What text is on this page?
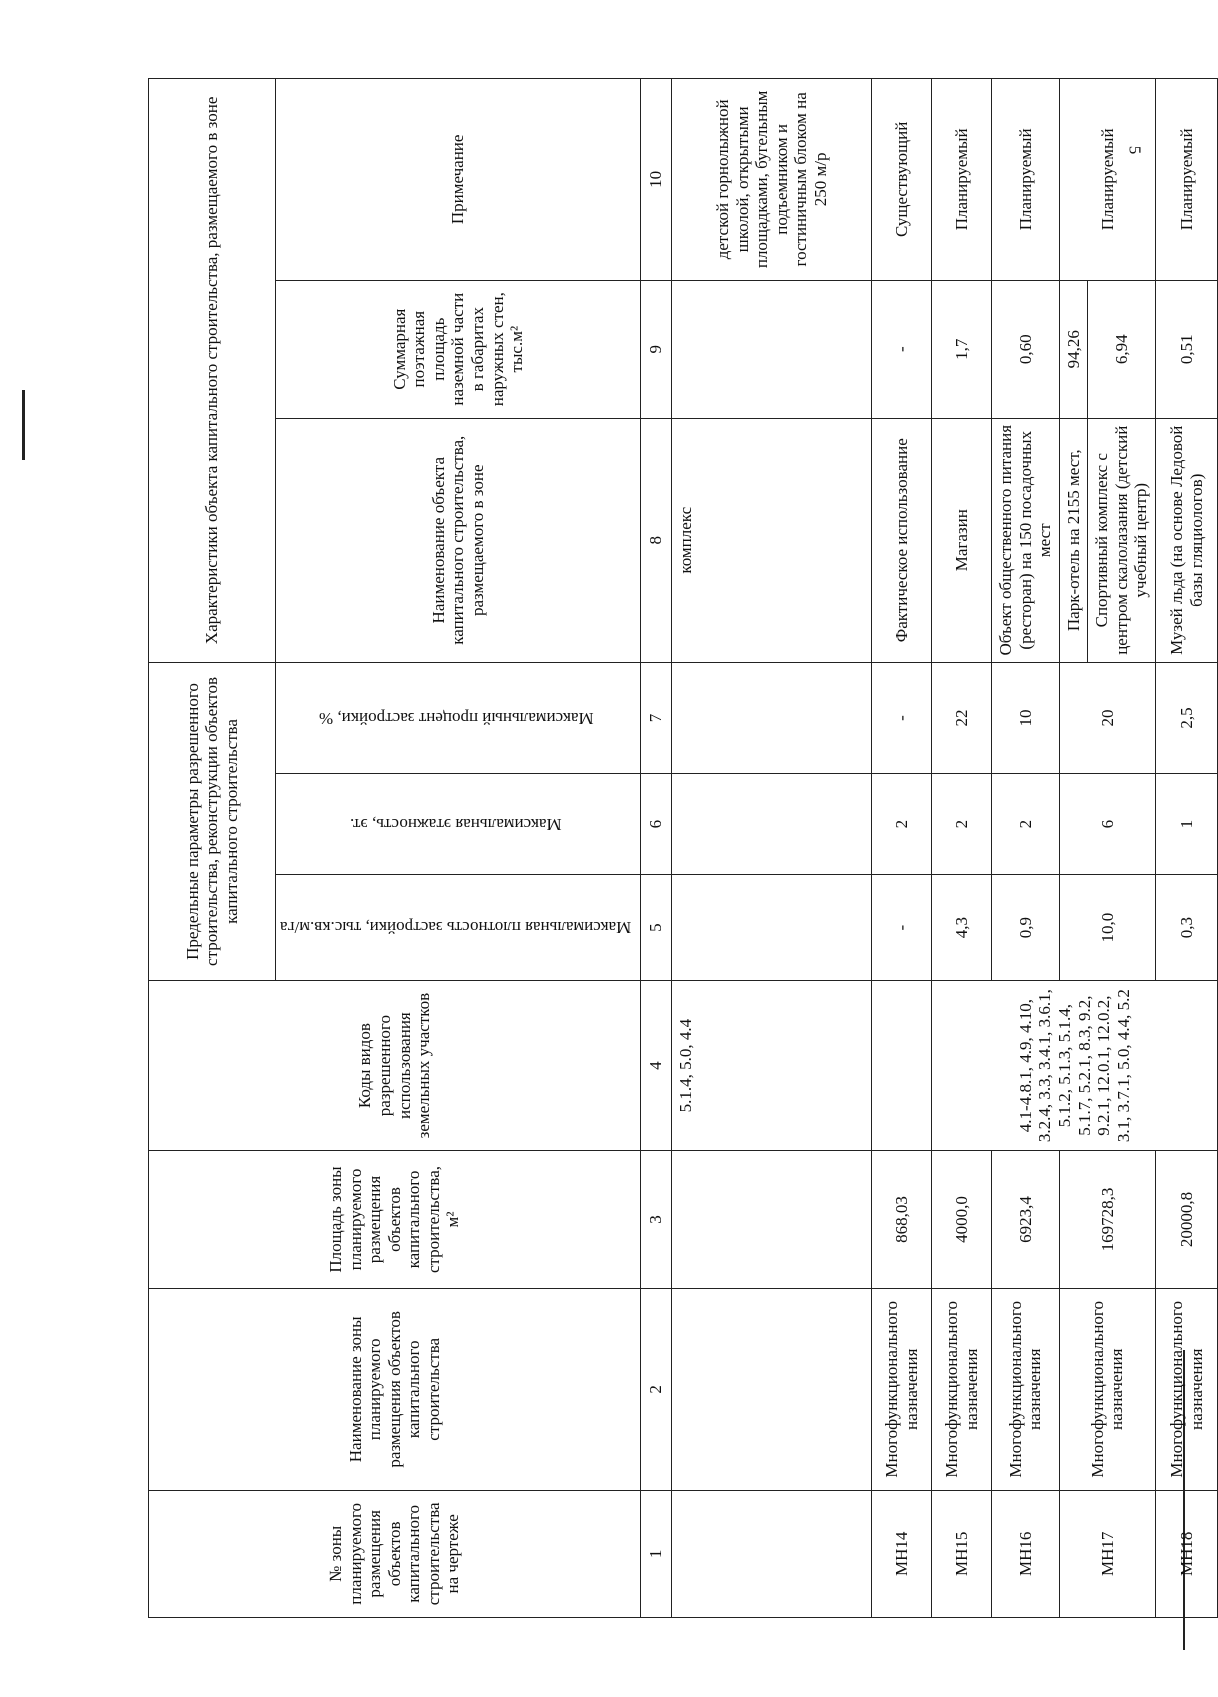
5
№ зоны планируемого размещения объектов капитального строительства на чертеже	Наименование зоны планируемого размещения объектов капитального строительства	Площадь зоны планируемого размещения объектов капитального строительства, м²	Коды видов разрешенного использования земельных участков	Предельные параметры разрешенного строительства, реконструкции объектов капитального строительства			Характеристики объекта капитального строительства, размещаемого в зоне		
				Максимальная плотность застройки, тыс.кв.м/га	Максимальная этажность, эт.	Максимальный процент застройки, %	Наименование объекта капитального строительства, размещаемого в зоне	Суммарная поэтажная площадь наземной части в габаритах наружных стен, тыс.м²	Примечание
1	2	3	4	5	6	7	8	9	10
			5.1.4, 5.0, 4.4				комплекс		детской горнолыжной школой, открытыми площадками, бугельным подъемником и гостиничным блоком на 250 м/р
МН14	Многофункционального назначения	868,03		-	2	-	Фактическое использование	-	Существующий
МН15	Многофункционального назначения	4000,0	4.1-4.8.1, 4.9, 4.10, 3.2.4, 3.3, 3.4.1, 3.6.1, 5.1.2, 5.1.3, 5.1.4, 5.1.7, 5.2.1, 8.3, 9.2, 9.2.1, 12.0.1, 12.0.2, 3.1, 3.7.1, 5.0, 4.4, 5.2	4,3	2	22	Магазин	1,7	Планируемый
МН16	Многофункционального назначения	6923,4		0,9	2	10	Объект общественного питания (ресторан) на 150 посадочных мест	0,60	Планируемый
МН17	Многофункционального назначения	169728,3		10,0	6	20	Парк-отель на 2155 мест,	94,26	Планируемый
							Спортивный комплекс с центром скалолазания (детский учебный центр)	6,94	
МН18	Многофункционального назначения	20000,8		0,3	1	2,5	Музей льда (на основе Ледовой базы гляциологов)	0,51	Планируемый
